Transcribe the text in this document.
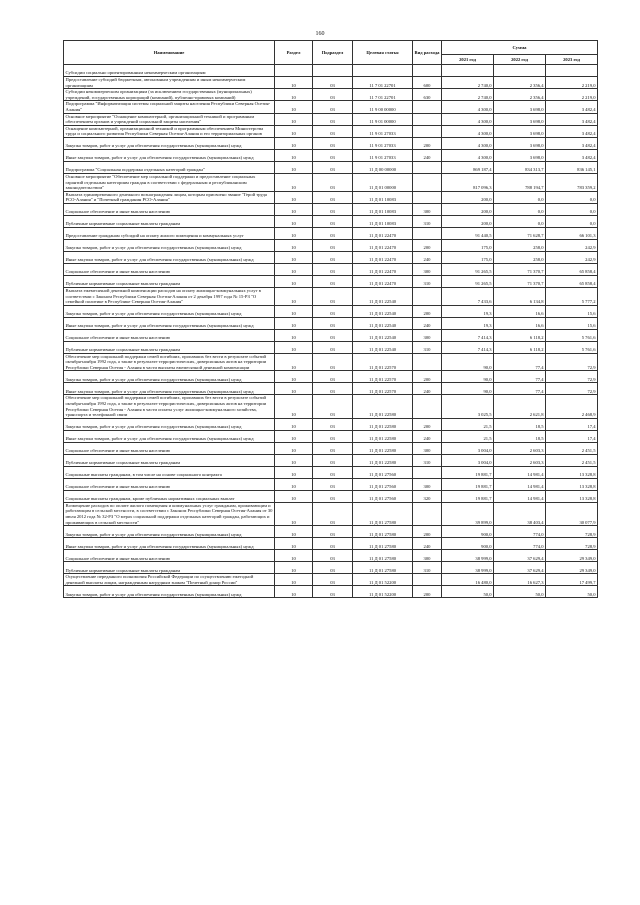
160
Наименование	Раздел	Подраздел	Целевая статья	Вид расхода	Сумма		
					2021 год	2022 год	2023 год
Субсидии социально ориентированным некоммерческим организациям							
Предоставление субсидий бюджетным, автономным учреждениям и иным некоммерческим организациям	10	03	11 7 01 22701	600	2 740,0	2 356,4	2 219,0
Субсидии некоммерческим организациям (за исключением государственных (муниципальных) учреждений, государственных корпораций (компаний), публично-правовых компаний)	10	03	11 7 01 22701	630	2 740,0	2 356,4	2 219,0
Подпрограмма "Информатизация системы социальной защиты населения Республики Северная Осетия-Алания"	10	03	11 9 00 00000		4 300,0	3 698,0	3 482,4
Основное мероприятие "Оснащение компьютерной, организационной техникой и программным обеспечением органов и учреждений социальной защиты населения"	10	03	11 9 01 00000		4 300,0	3 698,0	3 482,4
Оснащение компьютерной, организационной техникой и программным обеспечением Министерства труда и социального развития Республики Северная Осетия-Алания и его территориальных органов	10	03	11 9 01 27033		4 300,0	3 698,0	3 482,4
Закупка товаров, работ и услуг для обеспечения государственных (муниципальных) нужд	10	03	11 9 01 27033	200	4 300,0	3 698,0	3 482,4
Иные закупки товаров, работ и услуг для обеспечения государственных (муниципальных) нужд	10	03	11 9 01 27033	240	4 300,0	3 698,0	3 482,4
Подпрограмма "Социальная поддержка отдельных категорий граждан"	10	03	11 Д 00 00000		869 187,4	834 313,7	836 145,1
Основное мероприятие "Обеспечение мер социальной поддержки и предоставление социальных гарантий отдельным категориям граждан в соответствии с федеральным и республиканским законодательством"	10	03	11 Д 01 00000		817 096,3	788 194,7	783 359,2
Выплата единовременного денежного вознаграждения лицам, которым присвоено звание "Герой труда РСО-Алания" и "Почетный гражданин РСО-Алания"	10	03	11 Д 01 10083		200,0	0,0	0,0
Социальное обеспечение и иные выплаты населению	10	03	11 Д 01 10083	300	200,0	0,0	0,0
Публичные нормативные социальные выплаты гражданам	10	03	11 Д 01 10083	310	200,0	0,0	0,0
Предоставление гражданам субсидий на оплату жилого помещения и коммунальных услуг	10	03	11 Д 01 22470		91 440,5	71 628,7	66 101,3
Закупка товаров, работ и услуг для обеспечения государственных (муниципальных) нужд	10	03	11 Д 01 22470	200	175,0	258,0	242,9
Иные закупки товаров, работ и услуг для обеспечения государственных (муниципальных) нужд	10	03	11 Д 01 22470	240	175,0	258,0	242,9
Социальное обеспечение и иные выплаты населению	10	03	11 Д 01 22470	300	91 265,5	71 370,7	65 858,4
Публичные нормативные социальные выплаты гражданам	10	03	11 Д 01 22470	310	91 265,5	71 370,7	65 858,4
Выплата ежемесячной денежной компенсации расходов на оплату жилищно-коммунальных услуг в соответствии с Законом Республики Северная Осетия-Алания от 2 декабря 1997 года № 15-РЗ "О семейной политике в Республике Северная Осетия-Алания"	10	03	11 Д 01 22540		7 433,6	6 134,8	5 777,2
Закупка товаров, работ и услуг для обеспечения государственных (муниципальных) нужд	10	03	11 Д 01 22540	200	19,3	16,6	15,6
Иные закупки товаров, работ и услуг для обеспечения государственных (муниципальных) нужд	10	03	11 Д 01 22540	240	19,3	16,6	15,6
Социальное обеспечение и иные выплаты населению	10	03	11 Д 01 22540	300	7 414,3	6 118,2	5 761,6
Публичные нормативные социальные выплаты гражданам	10	03	11 Д 01 22540	310	7 414,3	6 118,2	5 761,6
Обеспечение мер социальной поддержки семей погибших, пропавших без вести в результате событий октября-ноября 1992 года, а также в результате террористических, диверсионных актов на территории Республики Северная Осетия - Алания в части выплаты ежемесячной денежной компенсации	10	03	11 Д 01 22570		90,0	77,4	72,9
Закупка товаров, работ и услуг для обеспечения государственных (муниципальных) нужд	10	03	11 Д 01 22570	200	90,0	77,4	72,9
Иные закупки товаров, работ и услуг для обеспечения государственных (муниципальных) нужд	10	03	11 Д 01 22570	240	90,0	77,4	72,9
Обеспечение мер социальной поддержки семей погибших, пропавших без вести в результате событий октября-ноября 1992 года, а также в результате террористических, диверсионных актов на территории Республики Северная Осетия - Алания в части оплаты услуг жилищно-коммунального хозяйства, транспорта и телефонной связи	10	03	11 Д 01 22580		3 025,5	2 621,8	2 468,9
Закупка товаров, работ и услуг для обеспечения государственных (муниципальных) нужд	10	03	11 Д 01 22580	200	21,5	18,5	17,4
Иные закупки товаров, работ и услуг для обеспечения государственных (муниципальных) нужд	10	03	11 Д 01 22580	240	21,5	18,5	17,4
Социальное обеспечение и иные выплаты населению	10	03	11 Д 01 22580	300	3 004,0	2 603,3	2 451,5
Публичные нормативные социальные выплаты гражданам	10	03	11 Д 01 22580	310	3 004,0	2 603,3	2 451,5
Социальные выплаты гражданам, в том числе на основе социального контракта	10	03	11 Д 01 27560		19 881,7	14 981,4	13 328,8
Социальное обеспечение и иные выплаты населению	10	03	11 Д 01 27560	300	19 881,7	14 981,4	13 328,8
Социальные выплаты гражданам, кроме публичных нормативных социальных выплат	10	03	11 Д 01 27560	320	19 881,7	14 981,4	13 328,8
Возмещение расходов по оплате жилого помещения и коммунальных услуг гражданам, проживающим и работающим в сельской местности, в соответствии с Законом Республики Северная Осетия-Алания от 30 июля 2012 года № 32-РЗ "О мерах социальной поддержки отдельных категорий граждан, работающих и проживающих в сельской местности"	10	03	11 Д 01 27580		39 899,0	38 403,4	30 077,9
Закупка товаров, работ и услуг для обеспечения государственных (муниципальных) нужд	10	03	11 Д 01 27580	200	900,0	774,0	728,9
Иные закупки товаров, работ и услуг для обеспечения государственных (муниципальных) нужд	10	03	11 Д 01 27580	240	900,0	774,0	728,9
Социальное обеспечение и иные выплаты населению	10	03	11 Д 01 27580	300	38 999,0	37 629,4	29 349,0
Публичные нормативные социальные выплаты гражданам	10	03	11 Д 01 27580	310	38 999,0	37 629,4	29 349,0
Осуществление переданного полномочия Российской Федерации по осуществлению ежегодной денежной выплаты лицам, награжденным нагрудным знаком "Почетный донор России"	10	03	11 Д 01 52200		16 480,0	16 627,3	17 499,7
Закупка товаров, работ и услуг для обеспечения государственных (муниципальных) нужд	10	03	11 Д 01 52200	200	50,0	50,0	50,0
